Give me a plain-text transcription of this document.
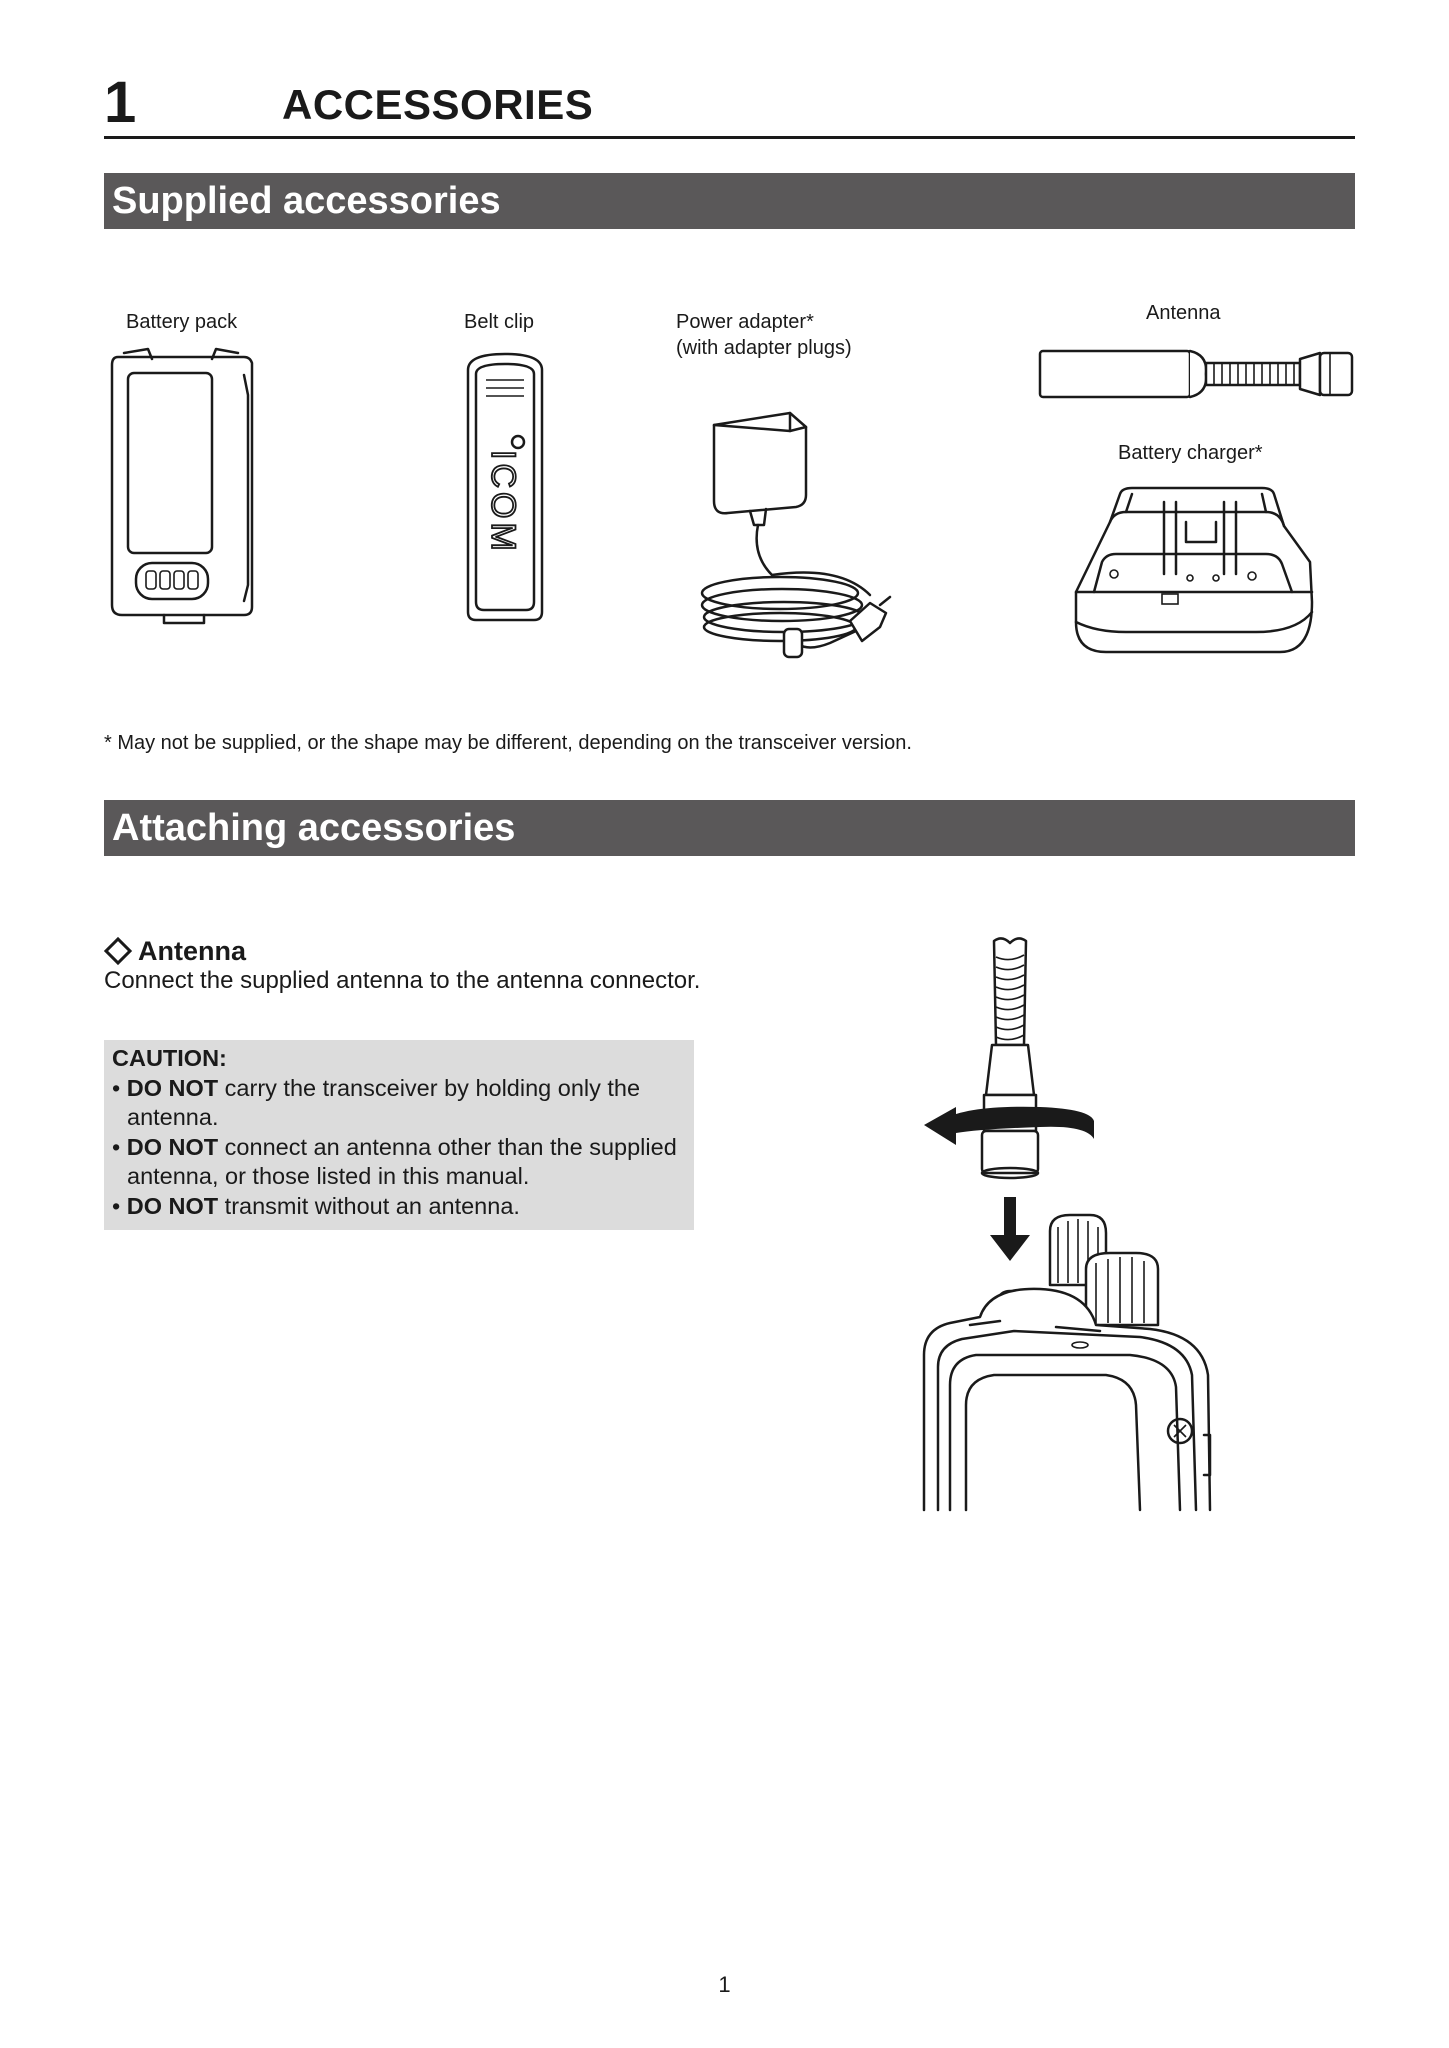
1	ACCESSORIES
Supplied accessories
Battery pack	Belt clip	Power adapter*
(with adapter plugs)
Antenna
Battery charger*
ICOM
* May not be supplied, or the shape may be different, depending on the transceiver version.
Attaching accessories
Antenna
Connect the supplied antenna to the antenna connector.
CAUTION:
• DO NOT carry the transceiver by holding only the antenna.
• DO NOT connect an antenna other than the supplied antenna, or those listed in this manual.
• DO NOT transmit without an antenna.
1
